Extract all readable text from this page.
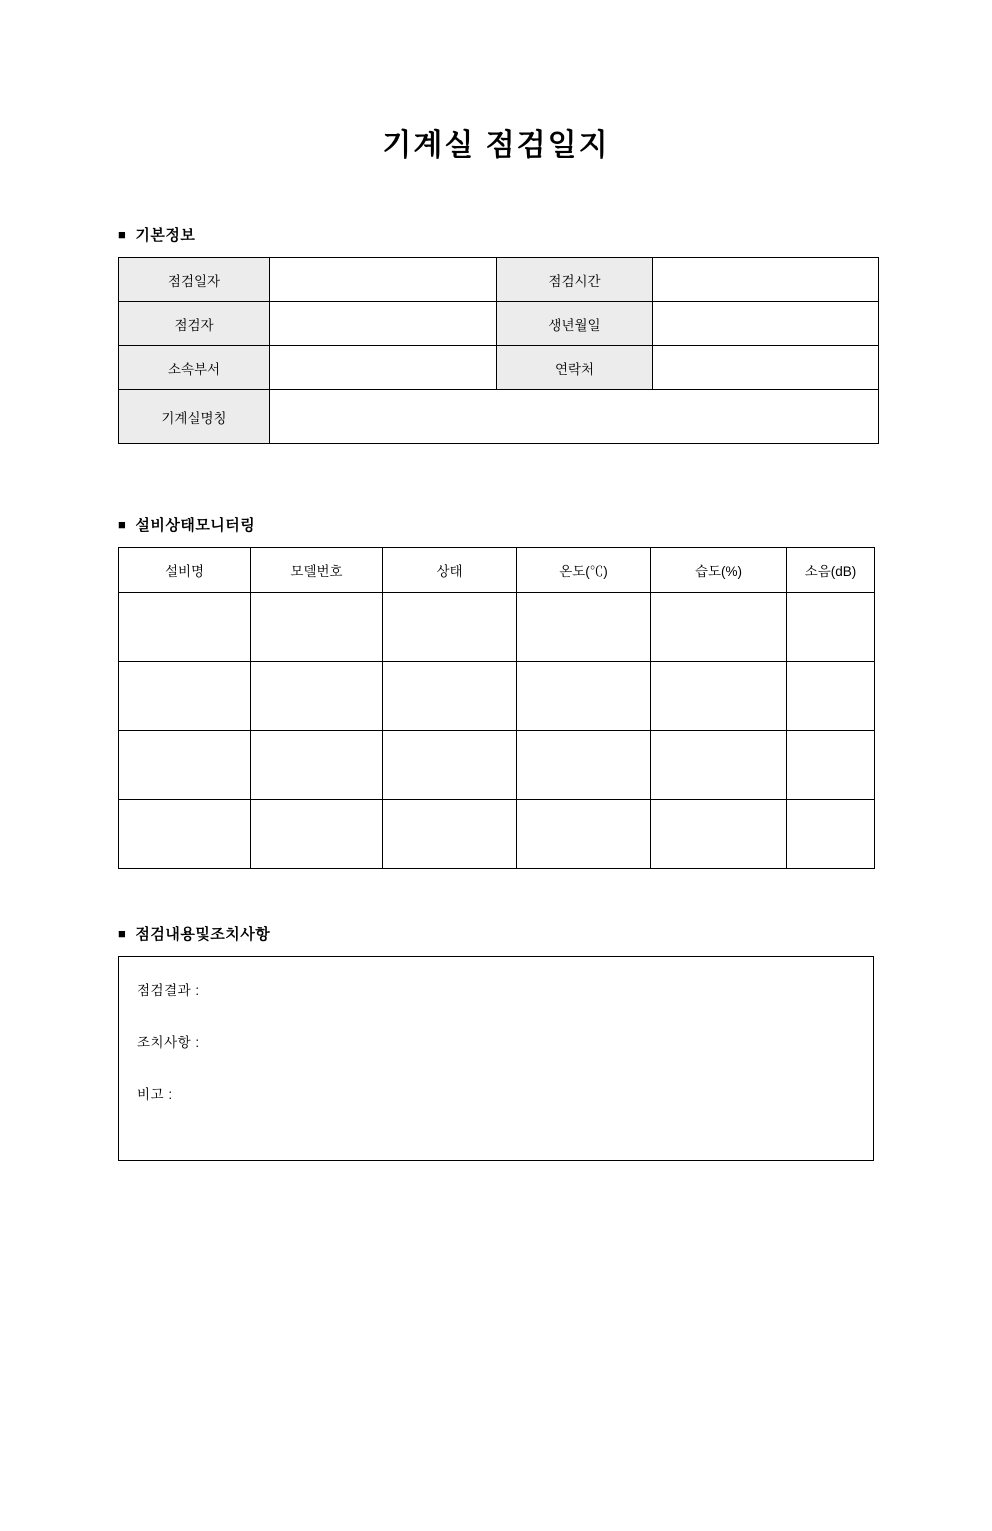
기계실 점검일지
■ 기본정보
점검일자		점검시간	
점검자		생년월일	
소속부서		연락처	
기계실명칭			
■ 설비상태모니터링
설비명	모델번호	상태	온도(℃)	습도(%)	소음(dB)

■ 점검내용및조치사항
점검결과 :
조치사항 :
비고 :
